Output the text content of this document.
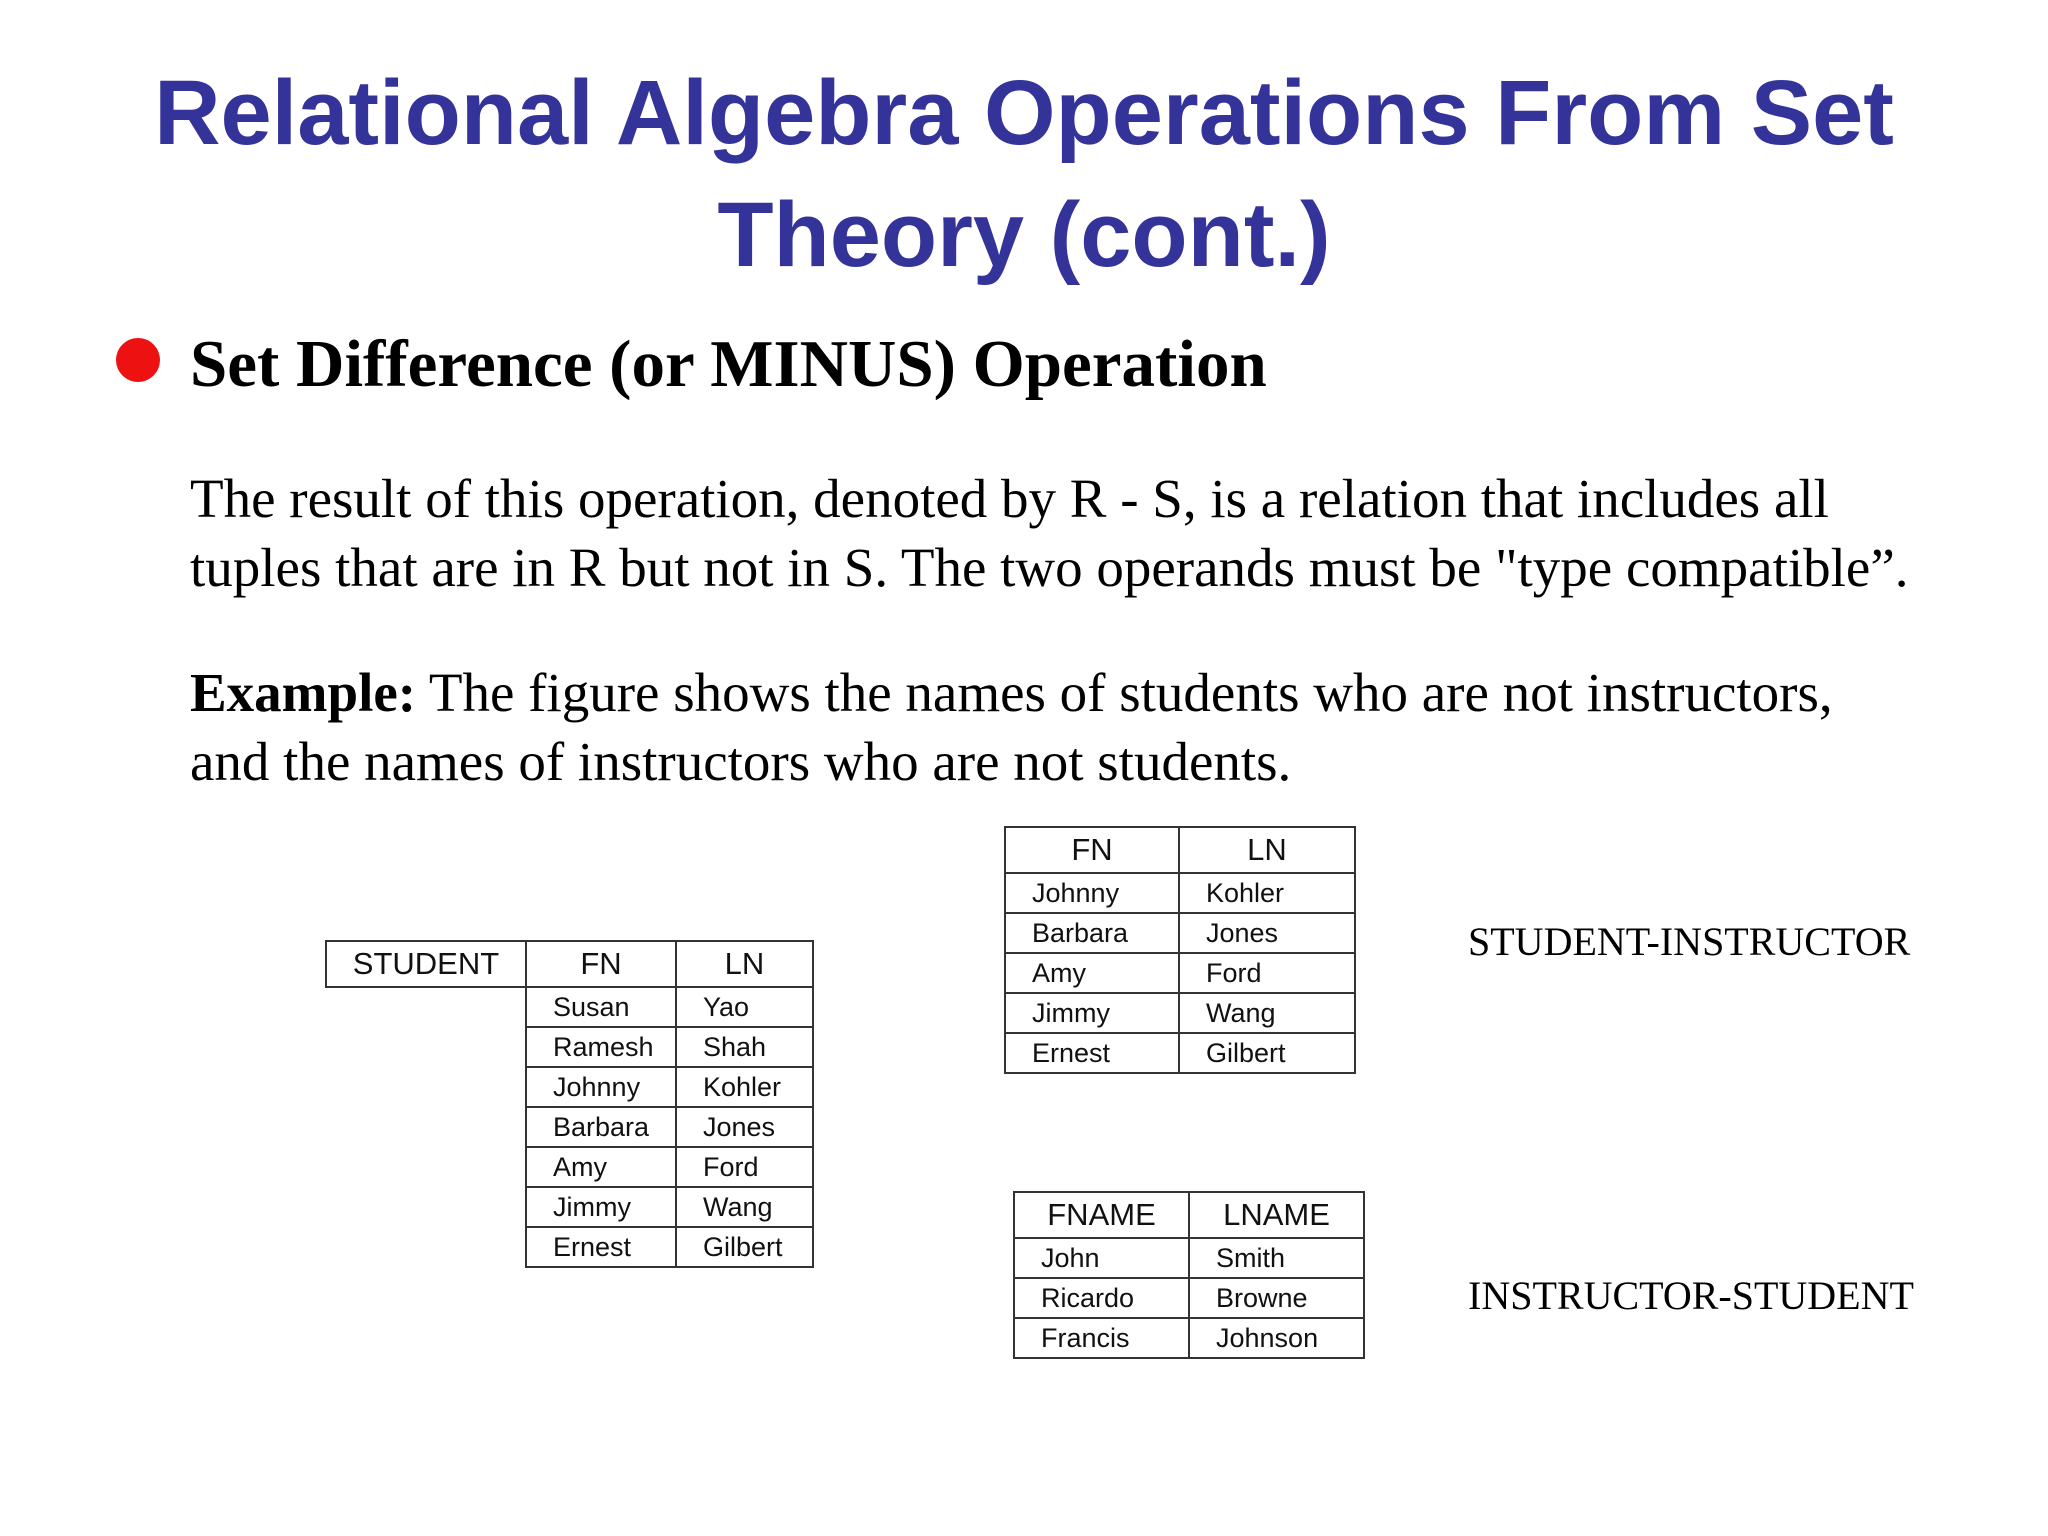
Relational Algebra Operations From Set
Theory (cont.)
Set Difference (or MINUS) Operation
The result of this operation, denoted by R - S, is a relation that includes all
tuples that are in R but not in S. The two operands must be "type compatible”.
Example: The figure shows the names of students who are not instructors,
and the names of instructors who are not students.
STUDENT	FN	LN
	Susan	Yao
	Ramesh	Shah
	Johnny	Kohler
	Barbara	Jones
	Amy	Ford
	Jimmy	Wang
	Ernest	Gilbert
FN	LN
Johnny	Kohler
Barbara	Jones
Amy	Ford
Jimmy	Wang
Ernest	Gilbert
STUDENT-INSTRUCTOR
FNAME	LNAME
John	Smith
Ricardo	Browne
Francis	Johnson
INSTRUCTOR-STUDENT
